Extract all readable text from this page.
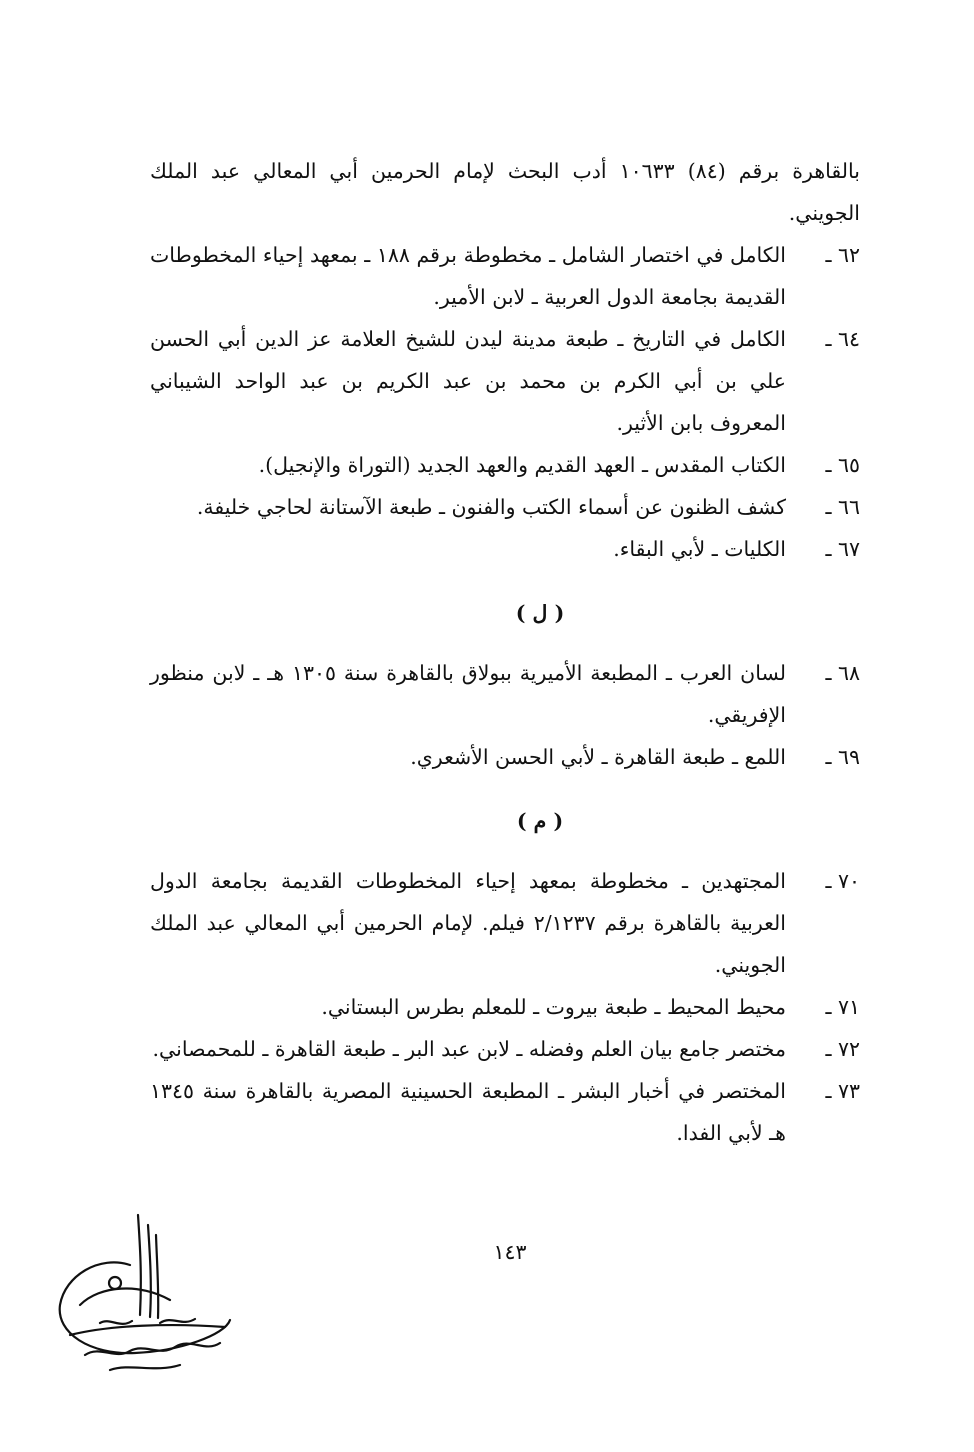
بالقاهرة برقم (٨٤) ١٠٦٣٣ أدب البحث لإمام الحرمين أبي المعالي عبد الملك الجويني.

٦٢ ـ
الكامل في اختصار الشامل ـ مخطوطة برقم ١٨٨ ـ بمعهد إحياء المخطوطات القديمة بجامعة الدول العربية ـ لابن الأمير.

٦٤ ـ
الكامل في التاريخ ـ طبعة مدينة ليدن للشيخ العلامة عز الدين أبي الحسن علي بن أبي الكرم بن محمد بن عبد الكريم بن عبد الواحد الشيباني المعروف بابن الأثير.

٦٥ ـ
الكتاب المقدس ـ العهد القديم والعهد الجديد (التوراة والإنجيل).

٦٦ ـ
كشف الظنون عن أسماء الكتب والفنون ـ طبعة الآستانة لحاجي خليفة.

٦٧ ـ
الكليات ـ لأبي البقاء.

( ل )

٦٨ ـ
لسان العرب ـ المطبعة الأميرية ببولاق بالقاهرة سنة ١٣٠٥ هـ ـ لابن منظور الإفريقي.

٦٩ ـ
اللمع ـ طبعة القاهرة ـ لأبي الحسن الأشعري.

( م )

٧٠ ـ
المجتهدين ـ مخطوطة بمعهد إحياء المخطوطات القديمة بجامعة الدول العربية بالقاهرة برقم ٢/١٢٣٧ فيلم. لإمام الحرمين أبي المعالي عبد الملك الجويني.

٧١ ـ
محيط المحيط ـ طبعة بيروت ـ للمعلم بطرس البستاني.

٧٢ ـ
مختصر جامع بيان العلم وفضله ـ لابن عبد البر ـ طبعة القاهرة ـ للمحمصاني.

٧٣ ـ
المختصر في أخبار البشر ـ المطبعة الحسينية المصرية بالقاهرة سنة ١٣٤٥ هـ لأبي الفدا.

١٤٣
